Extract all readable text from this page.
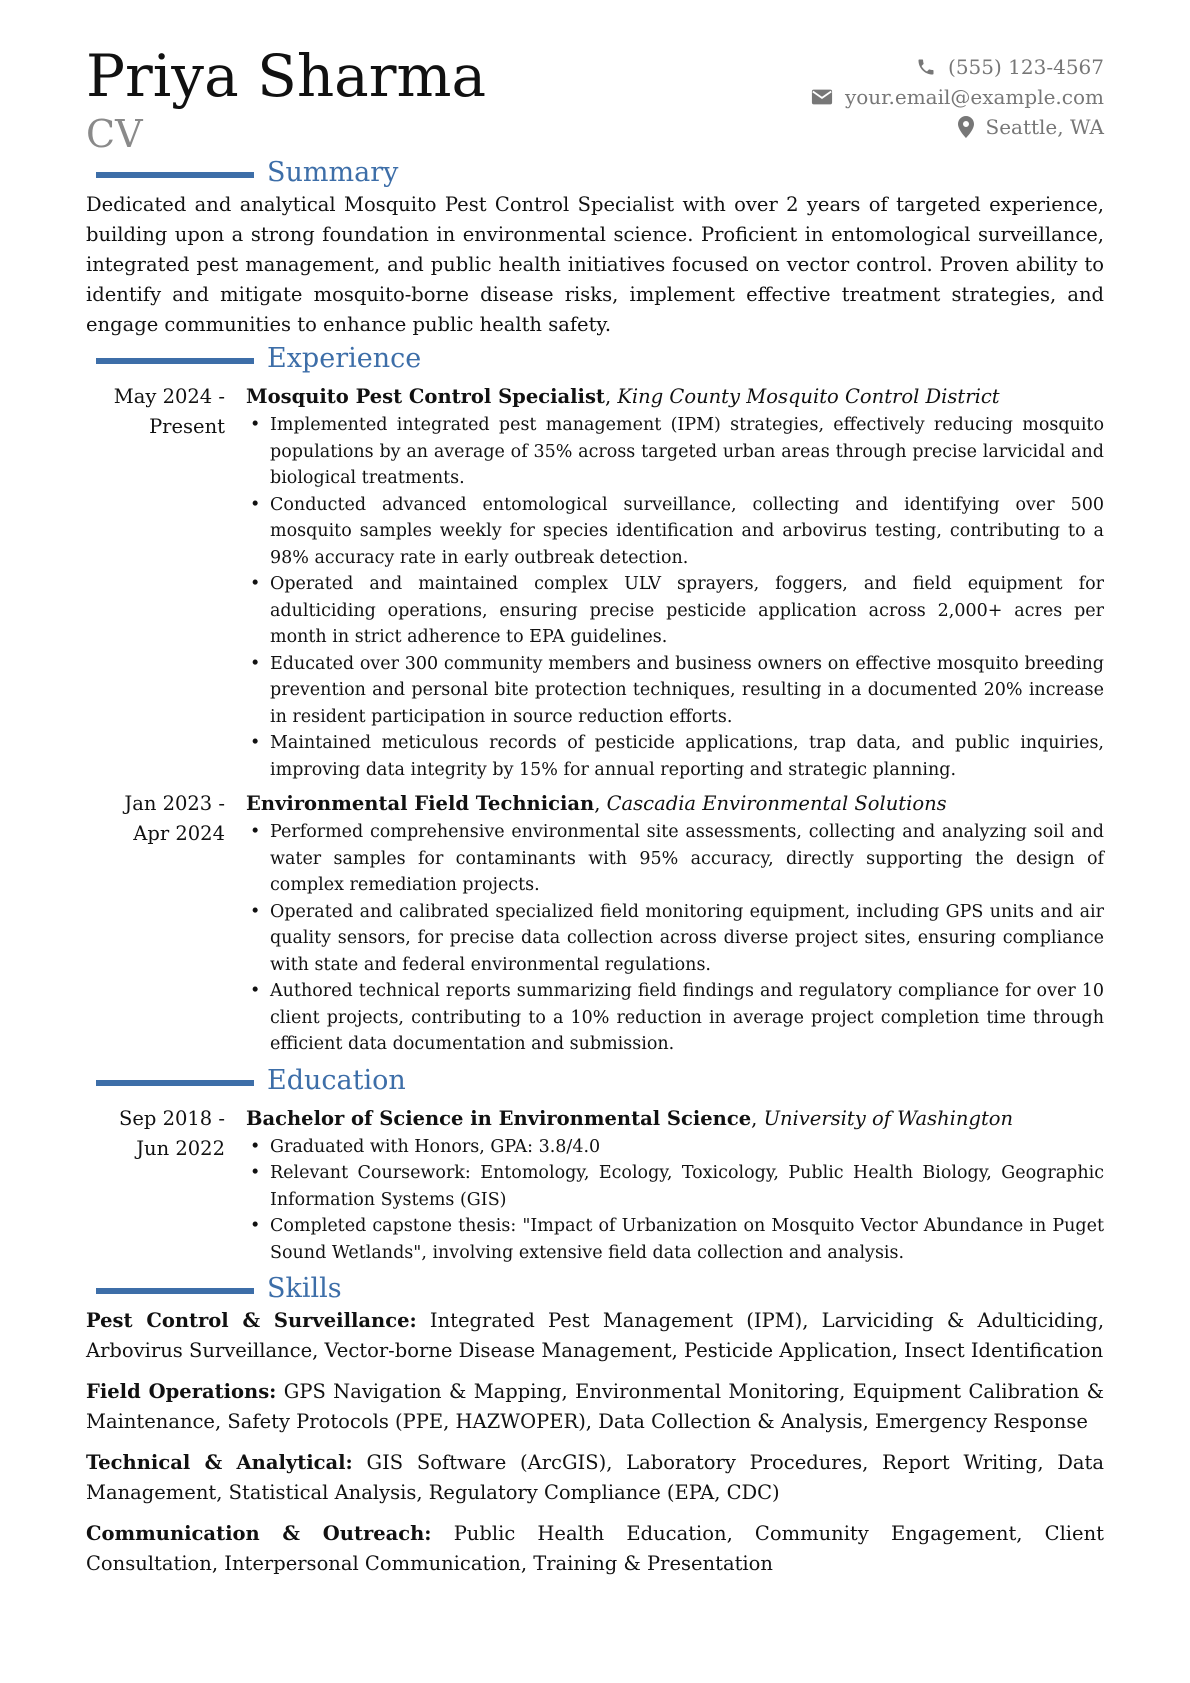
Priya Sharma
CV
(555) 123-4567
your.email@example.com
Seattle, WA
Summary

Dedicated and analytical Mosquito Pest Control Specialist with over 2 years of targeted experience, building upon a strong foundation in environmental science. Proficient in entomological surveillance, integrated pest management, and public health initiatives focused on vector control. Proven ability to identify and mitigate mosquito-borne disease risks, implement effective treatment strategies, and engage communities to enhance public health safety.

Experience
May 2024 - Present
Mosquito Pest Control Specialist, King County Mosquito Control District
• Implemented integrated pest management (IPM) strategies, effectively reducing mosquito populations by an average of 35% across targeted urban areas through precise larvicidal and biological treatments.
• Conducted advanced entomological surveillance, collecting and identifying over 500 mosquito samples weekly for species identification and arbovirus testing, contributing to a 98% accuracy rate in early outbreak detection.
• Operated and maintained complex ULV sprayers, foggers, and field equipment for adulticiding operations, ensuring precise pesticide application across 2,000+ acres per month in strict adherence to EPA guidelines.
• Educated over 300 community members and business owners on effective mosquito breeding prevention and personal bite protection techniques, resulting in a documented 20% increase in resident participation in source reduction efforts.
• Maintained meticulous records of pesticide applications, trap data, and public inquiries, improving data integrity by 15% for annual reporting and strategic planning.
Jan 2023 - Apr 2024
Environmental Field Technician, Cascadia Environmental Solutions
• Performed comprehensive environmental site assessments, collecting and analyzing soil and water samples for contaminants with 95% accuracy, directly supporting the design of complex remediation projects.
• Operated and calibrated specialized field monitoring equipment, including GPS units and air quality sensors, for precise data collection across diverse project sites, ensuring compliance with state and federal environmental regulations.
• Authored technical reports summarizing field findings and regulatory compliance for over 10 client projects, contributing to a 10% reduction in average project completion time through efficient data documentation and submission.
Education
Sep 2018 - Jun 2022
Bachelor of Science in Environmental Science, University of Washington
• Graduated with Honors, GPA: 3.8/4.0
• Relevant Coursework: Entomology, Ecology, Toxicology, Public Health Biology, Geographic Information Systems (GIS)
• Completed capstone thesis: "Impact of Urbanization on Mosquito Vector Abundance in Puget Sound Wetlands", involving extensive field data collection and analysis.
Skills

Pest Control & Surveillance: Integrated Pest Management (IPM), Larviciding & Adulticiding, Arbovirus Surveillance, Vector-borne Disease Management, Pesticide Application, Insect Identification

Field Operations: GPS Navigation & Mapping, Environmental Monitoring, Equipment Calibration & Maintenance, Safety Protocols (PPE, HAZWOPER), Data Collection & Analysis, Emergency Response

Technical & Analytical: GIS Software (ArcGIS), Laboratory Procedures, Report Writing, Data Management, Statistical Analysis, Regulatory Compliance (EPA, CDC)

Communication & Outreach: Public Health Education, Community Engagement, Client Consultation, Interpersonal Communication, Training & Presentation
